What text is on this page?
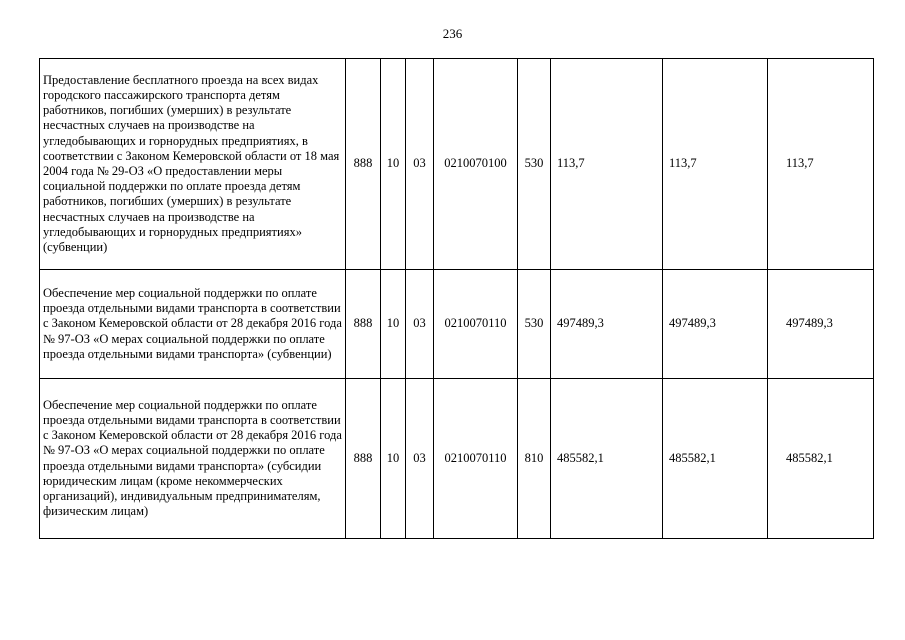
236
Предоставление бесплатного проезда на всех видах городского пассажирского транспорта детям работников, погибших (умерших) в результате несчастных случаев на производстве на угледобывающих и горнорудных предприятиях, в соответствии с Законом Кемеровской области от 18 мая 2004 года № 29-ОЗ «О предоставлении меры социальной поддержки по оплате проезда детям работников, погибших (умерших) в результате несчастных случаев на производстве на угледобывающих и горнорудных предприятиях» (субвенции)	888	10	03	0210070100	530	113,7	113,7	113,7
Обеспечение мер социальной поддержки по оплате проезда отдельными видами транспорта в соответствии с Законом Кемеровской области от 28 декабря 2016 года № 97-ОЗ «О мерах социальной поддержки по оплате проезда отдельными видами транспорта» (субвенции)	888	10	03	0210070110	530	497489,3	497489,3	497489,3
Обеспечение мер социальной поддержки по оплате проезда отдельными видами транспорта в соответствии с Законом Кемеровской области от 28 декабря 2016 года № 97-ОЗ «О мерах социальной поддержки по оплате проезда отдельными видами транспорта» (субсидии юридическим лицам (кроме некоммерческих организаций), индивидуальным предпринимателям, физическим лицам)	888	10	03	0210070110	810	485582,1	485582,1	485582,1
